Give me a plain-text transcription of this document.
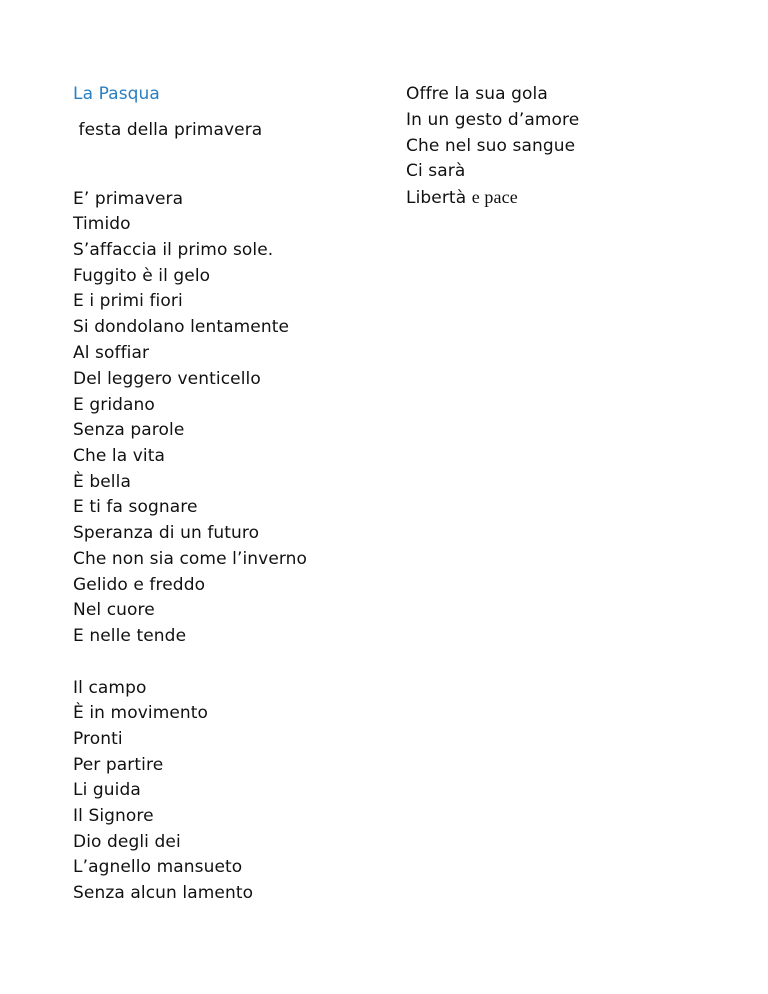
La Pasqua
festa della primavera
E’ primavera
Timido
S’affaccia il primo sole.
Fuggito è il gelo
E i primi fiori
Si dondolano lentamente
Al soffiar
Del leggero venticello
E gridano
Senza parole
Che la vita
È bella
E ti fa sognare
Speranza di un futuro
Che non sia come l’inverno
Gelido e freddo
Nel cuore
E nelle tende
Il campo
È in movimento
Pronti
Per partire
Li guida
Il Signore
Dio degli dei
L’agnello mansueto
Senza alcun lamento
Offre la sua gola
In un gesto d’amore
Che nel suo sangue
Ci sarà
Libertà e pace
